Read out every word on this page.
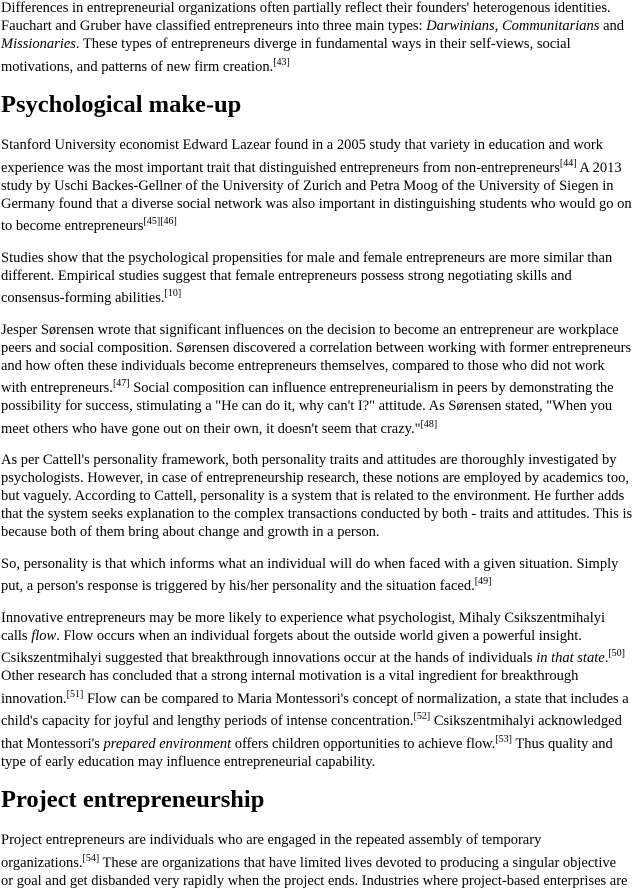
Differences in entrepreneurial organizations often partially reflect their founders' heterogenous identities.
Fauchart and Gruber have classified entrepreneurs into three main types: Darwinians, Communitarians and
Missionaries. These types of entrepreneurs diverge in fundamental ways in their self-views, social
motivations, and patterns of new firm creation.[43]
Psychological make-up
Stanford University economist Edward Lazear found in a 2005 study that variety in education and work
experience was the most important trait that distinguished entrepreneurs from non-entrepreneurs[44] A 2013
study by Uschi Backes-Gellner of the University of Zurich and Petra Moog of the University of Siegen in
Germany found that a diverse social network was also important in distinguishing students who would go on
to become entrepreneurs[45][46]
Studies show that the psychological propensities for male and female entrepreneurs are more similar than
different. Empirical studies suggest that female entrepreneurs possess strong negotiating skills and
consensus-forming abilities.[10]
Jesper Sørensen wrote that significant influences on the decision to become an entrepreneur are workplace
peers and social composition. Sørensen discovered a correlation between working with former entrepreneurs
and how often these individuals become entrepreneurs themselves, compared to those who did not work
with entrepreneurs.[47] Social composition can influence entrepreneurialism in peers by demonstrating the
possibility for success, stimulating a "He can do it, why can't I?" attitude. As Sørensen stated, "When you
meet others who have gone out on their own, it doesn't seem that crazy."[48]
As per Cattell's personality framework, both personality traits and attitudes are thoroughly investigated by
psychologists. However, in case of entrepreneurship research, these notions are employed by academics too,
but vaguely. According to Cattell, personality is a system that is related to the environment. He further adds
that the system seeks explanation to the complex transactions conducted by both - traits and attitudes. This is
because both of them bring about change and growth in a person.
So, personality is that which informs what an individual will do when faced with a given situation. Simply
put, a person's response is triggered by his/her personality and the situation faced.[49]
Innovative entrepreneurs may be more likely to experience what psychologist, Mihaly Csikszentmihalyi
calls flow. Flow occurs when an individual forgets about the outside world given a powerful insight.
Csikszentmihalyi suggested that breakthrough innovations occur at the hands of individuals in that state.[50]
Other research has concluded that a strong internal motivation is a vital ingredient for breakthrough
innovation.[51] Flow can be compared to Maria Montessori's concept of normalization, a state that includes a
child's capacity for joyful and lengthy periods of intense concentration.[52] Csikszentmihalyi acknowledged
that Montessori's prepared environment offers children opportunities to achieve flow.[53] Thus quality and
type of early education may influence entrepreneurial capability.
Project entrepreneurship
Project entrepreneurs are individuals who are engaged in the repeated assembly of temporary
organizations.[54] These are organizations that have limited lives devoted to producing a singular objective
or goal and get disbanded very rapidly when the project ends. Industries where project-based enterprises are
